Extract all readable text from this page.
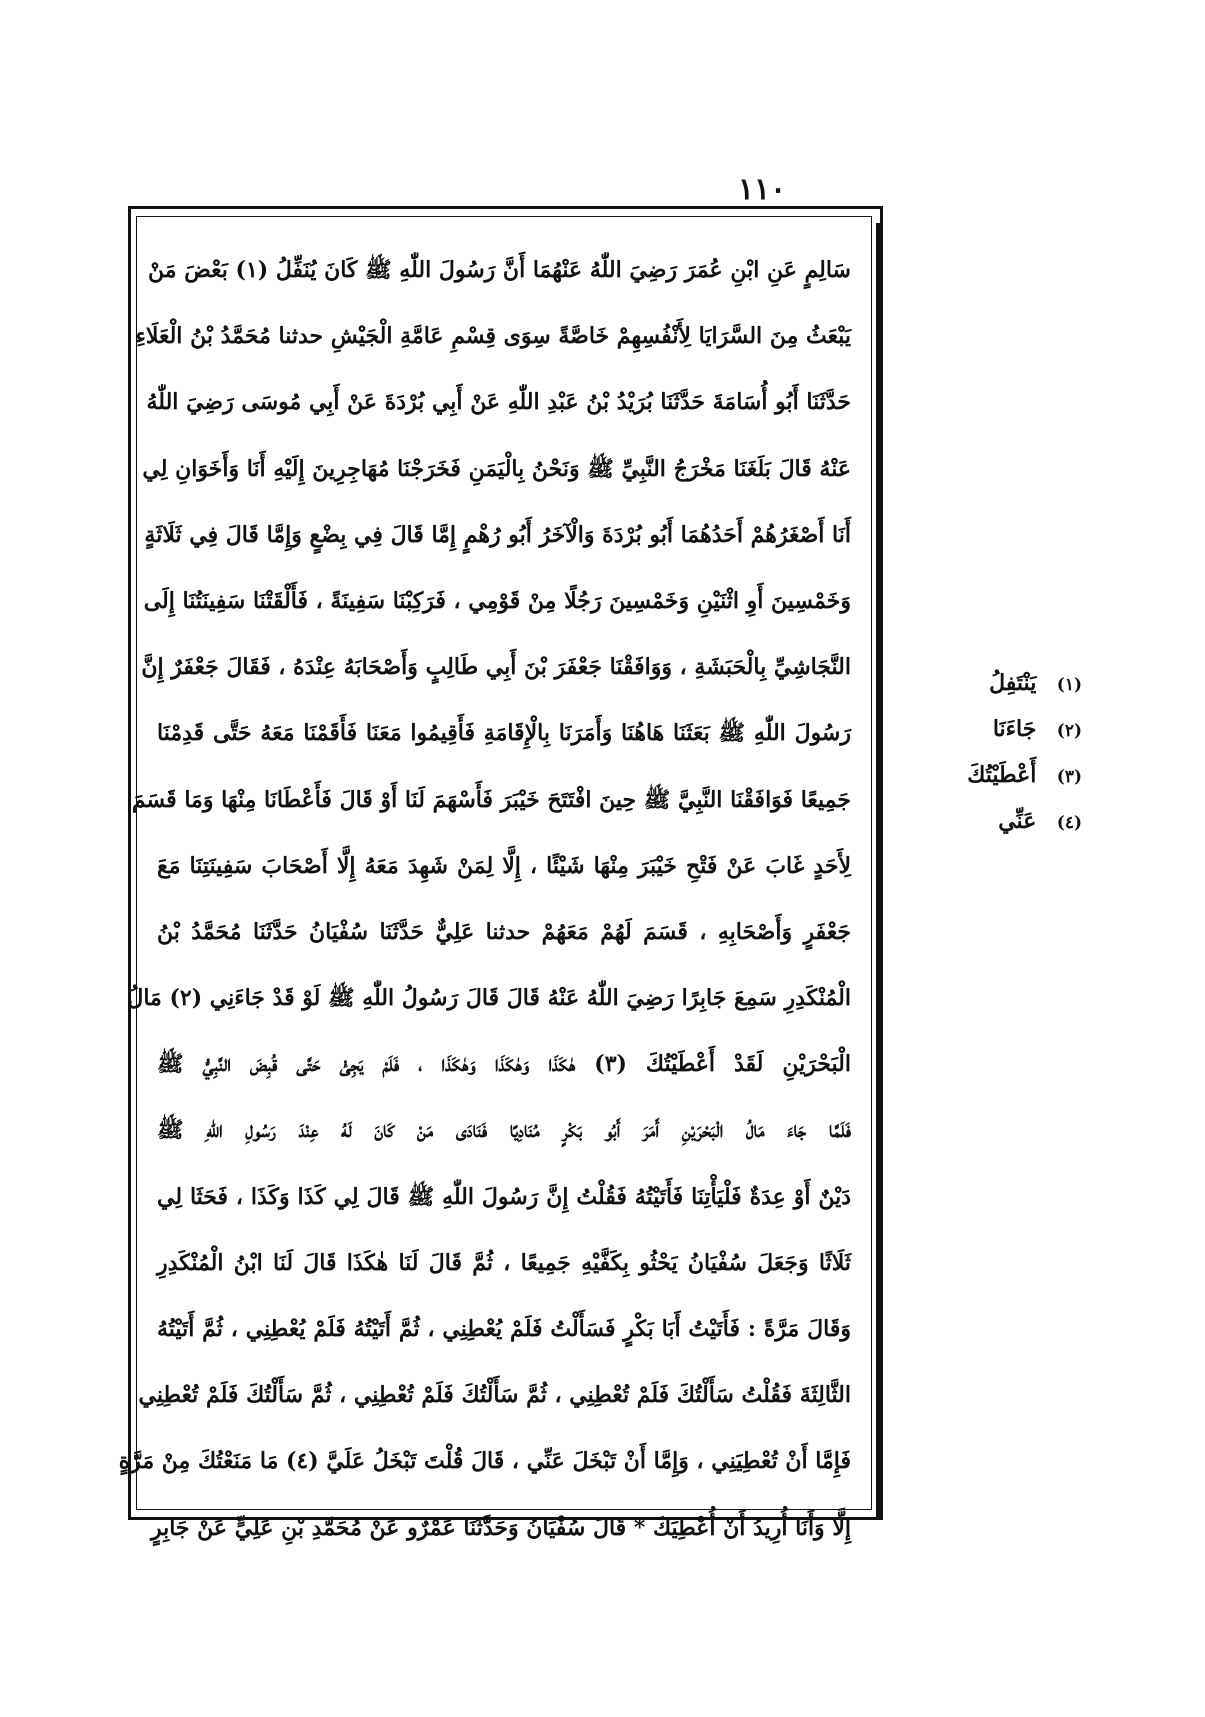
١١٠
سَالِمٍ عَنِ ابْنِ عُمَرَ رَضِيَ اللّٰهُ عَنْهُمَا أَنَّ رَسُولَ اللّٰهِ ﷺ كَانَ يُنَفِّلُ (١) بَعْضَ مَنْ
يَبْعَثُ مِنَ السَّرَايَا لِأَنْفُسِهِمْ خَاصَّةً سِوَى قِسْمِ عَامَّةِ الْجَيْشِ حدثنا مُحَمَّدُ بْنُ الْعَلَاءِ
حَدَّثَنَا أَبُو أُسَامَةَ حَدَّثَنَا بُرَيْدُ بْنُ عَبْدِ اللّٰهِ عَنْ أَبِي بُرْدَةَ عَنْ أَبِي مُوسَى رَضِيَ اللّٰهُ
عَنْهُ قَالَ بَلَغَنَا مَخْرَجُ النَّبِيِّ ﷺ وَنَحْنُ بِالْيَمَنِ فَخَرَجْنَا مُهَاجِرِينَ إِلَيْهِ أَنَا وَأَخَوَانِ لِي
أَنَا أَصْغَرُهُمْ أَحَدُهُمَا أَبُو بُرْدَةَ وَالْآخَرُ أَبُو رُهْمٍ إِمَّا قَالَ فِي بِضْعٍ وَإِمَّا قَالَ فِي ثَلَاثَةٍ
وَخَمْسِينَ أَوِ اثْنَيْنِ وَخَمْسِينَ رَجُلًا مِنْ قَوْمِي ، فَرَكِبْنَا سَفِينَةً ، فَأَلْقَتْنَا سَفِينَتُنَا إِلَى
النَّجَاشِيِّ بِالْحَبَشَةِ ، وَوَافَقْنَا جَعْفَرَ بْنَ أَبِي طَالِبٍ وَأَصْحَابَهُ عِنْدَهُ ، فَقَالَ جَعْفَرٌ إِنَّ
رَسُولَ اللّٰهِ ﷺ بَعَثَنَا هَاهُنَا وَأَمَرَنَا بِالْإِقَامَةِ فَأَقِيمُوا مَعَنَا فَأَقَمْنَا مَعَهُ حَتَّى قَدِمْنَا
جَمِيعًا فَوَافَقْنَا النَّبِيَّ ﷺ حِينَ افْتَتَحَ خَيْبَرَ فَأَسْهَمَ لَنَا أَوْ قَالَ فَأَعْطَانَا مِنْهَا وَمَا قَسَمَ
لِأَحَدٍ غَابَ عَنْ فَتْحِ خَيْبَرَ مِنْهَا شَيْئًا ، إِلَّا لِمَنْ شَهِدَ مَعَهُ إِلَّا أَصْحَابَ سَفِينَتِنَا مَعَ
جَعْفَرٍ وَأَصْحَابِهِ ، قَسَمَ لَهُمْ مَعَهُمْ حدثنا عَلِيٌّ حَدَّثَنَا سُفْيَانُ حَدَّثَنَا مُحَمَّدُ بْنُ
الْمُنْكَدِرِ سَمِعَ جَابِرًا رَضِيَ اللّٰهُ عَنْهُ قَالَ قَالَ رَسُولُ اللّٰهِ ﷺ لَوْ قَدْ جَاءَنِي (٢) مَالُ
الْبَحْرَيْنِ لَقَدْ أَعْطَيْتُكَ (٣) هٰكَذَا وَهٰكَذَا وَهٰكَذَا ، فَلَمْ يَجِئْ حَتَّى قُبِضَ النَّبِيُّ ﷺ
فَلَمَّا جَاءَ مَالُ الْبَحْرَيْنِ أَمَرَ أَبُو بَكْرٍ مُنَادِيًا فَنَادَى مَنْ كَانَ لَهُ عِنْدَ رَسُولِ اللّٰهِ ﷺ
دَيْنٌ أَوْ عِدَةٌ فَلْيَأْتِنَا فَأَتَيْتُهُ فَقُلْتُ إِنَّ رَسُولَ اللّٰهِ ﷺ قَالَ لِي كَذَا وَكَذَا ، فَحَثَا لِي
ثَلَاثًا وَجَعَلَ سُفْيَانُ يَحْثُو بِكَفَّيْهِ جَمِيعًا ، ثُمَّ قَالَ لَنَا هٰكَذَا قَالَ لَنَا ابْنُ الْمُنْكَدِرِ
وَقَالَ مَرَّةً : فَأَتَيْتُ أَبَا بَكْرٍ فَسَأَلْتُ فَلَمْ يُعْطِنِي ، ثُمَّ أَتَيْتُهُ فَلَمْ يُعْطِنِي ، ثُمَّ أَتَيْتُهُ
الثَّالِثَةَ فَقُلْتُ سَأَلْتُكَ فَلَمْ تُعْطِنِي ، ثُمَّ سَأَلْتُكَ فَلَمْ تُعْطِنِي ، ثُمَّ سَأَلْتُكَ فَلَمْ تُعْطِنِي
فَإِمَّا أَنْ تُعْطِيَنِي ، وَإِمَّا أَنْ تَبْخَلَ عَنِّي ، قَالَ قُلْتَ تَبْخَلُ عَلَيَّ (٤) مَا مَنَعْتُكَ مِنْ مَرَّةٍ
إِلَّا وَأَنَا أُرِيدُ أَنْ أُعْطِيَكَ * قَالَ سُفْيَانُ وَحَدَّثَنَا عَمْرٌو عَنْ مُحَمَّدِ بْنِ عَلِيٍّ عَنْ جَابِرٍ
(١) يَنْتَفِلُ
(٢) جَاءَنَا
(٣) أَعْطَيْتُكَ
(٤) عَنِّي
